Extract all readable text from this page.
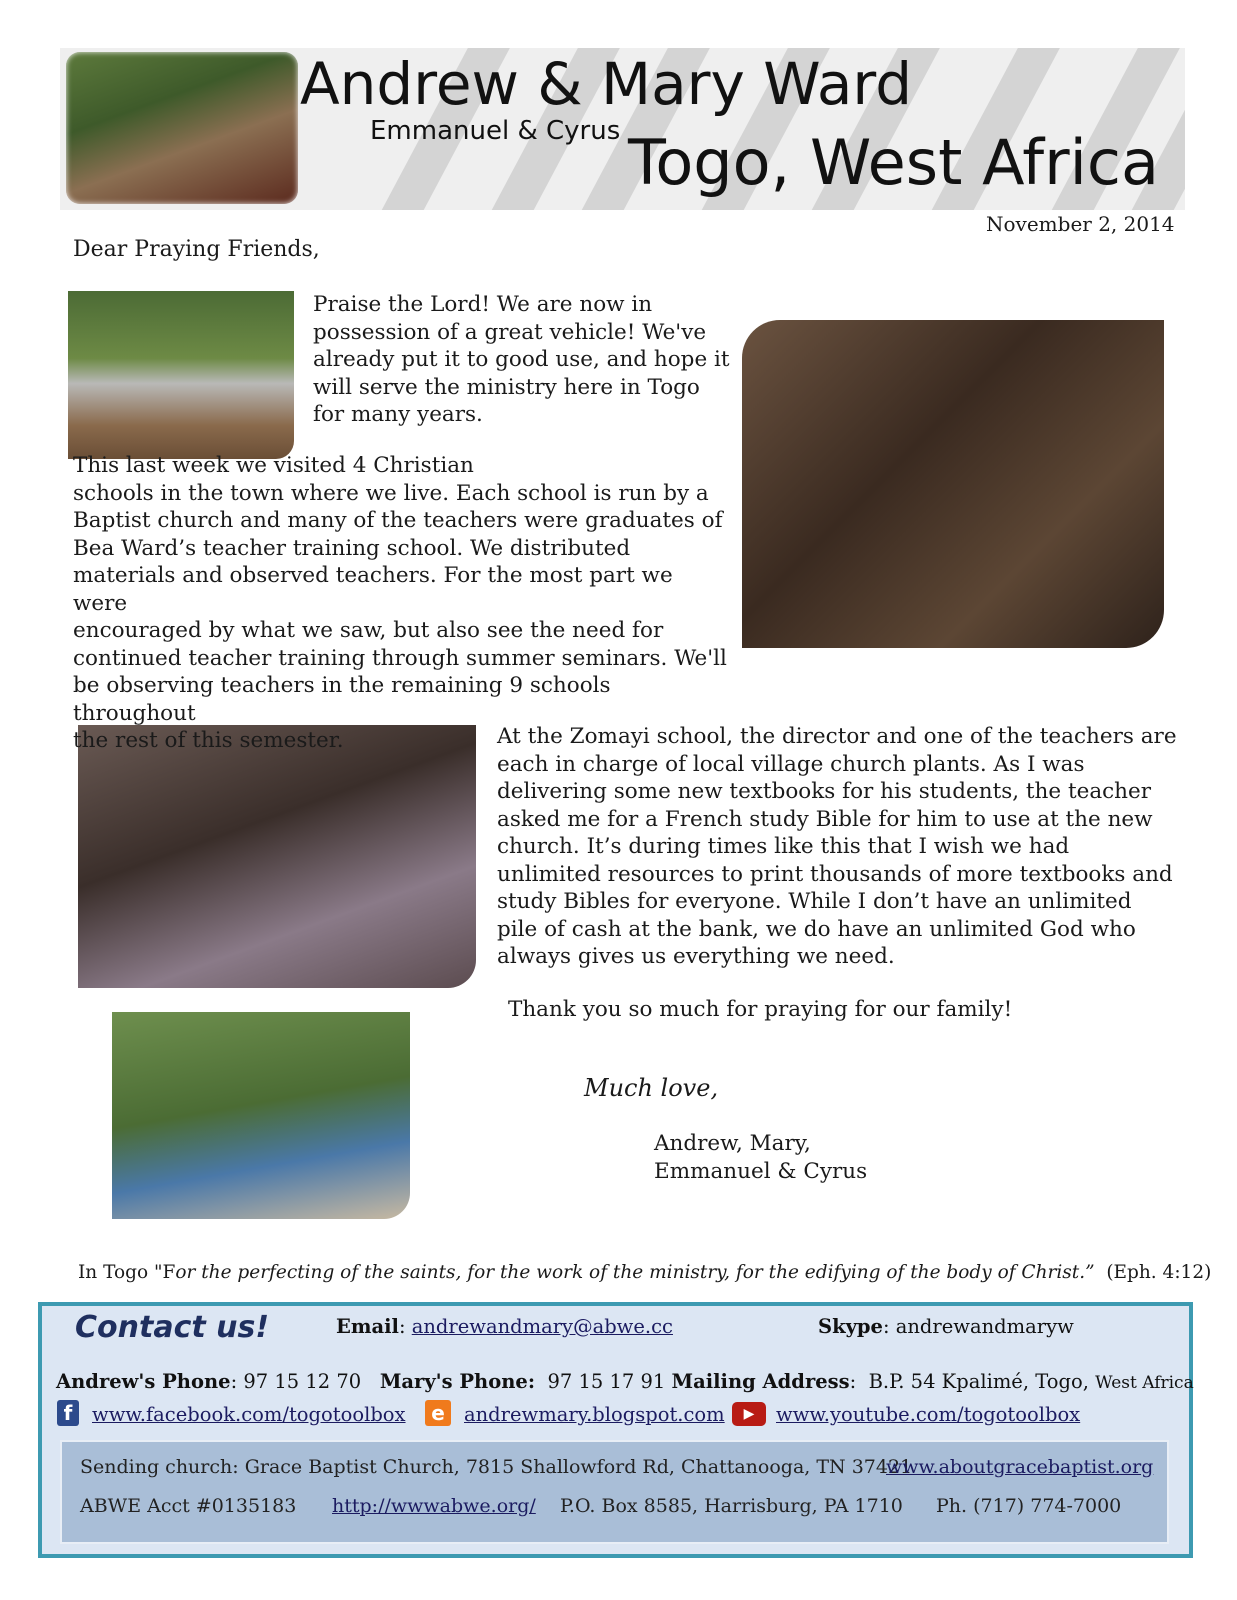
Andrew & Mary Ward
Emmanuel & Cyrus Togo, West Africa
November 2, 2014
Dear Praying Friends,
Praise the Lord! We are now in
possession of a great vehicle! We've
already put it to good use, and hope it
will serve the ministry here in Togo
for many years.
This last week we visited 4 Christian
schools in the town where we live. Each school is run by a
Baptist church and many of the teachers were graduates of
Bea Ward’s teacher training school. We distributed
materials and observed teachers. For the most part we were
encouraged by what we saw, but also see the need for
continued teacher training through summer seminars. We'll
be observing teachers in the remaining 9 schools throughout
the rest of this semester.	At the Zomayi school, the director and one of the teachers are
each in charge of local village church plants. As I was
delivering some new textbooks for his students, the teacher
asked me for a French study Bible for him to use at the new
church. It’s during times like this that I wish we had
unlimited resources to print thousands of more textbooks and
study Bibles for everyone. While I don’t have an unlimited
pile of cash at the bank, we do have an unlimited God who
always gives us everything we need.
Thank you so much for praying for our family!
Much love,
Andrew, Mary,
Emmanuel & Cyrus
In Togo "For the perfecting of the saints, for the work of the ministry, for the edifying of the body of Christ.” (Eph. 4:12)
Contact us!	Email: andrewandmary@abwe.cc	Skype: andrewandmaryw
Andrew's Phone: 97 15 12 70 Mary's Phone: 97 15 17 91 Mailing Address:  B.P. 54 Kpalimé, Togo, West Africa
f	www.facebook.com/togotoolbox	e andrewmary.blogspot.com	▶	www.youtube.com/togotoolbox
Sending church: Grace Baptist Church, 7815 Shallowford Rd, Chattanooga, TN 37421
www.aboutgracebaptist.org
ABWE Acct #0135183 http://wwwabwe.org/ P.O. Box 8585, Harrisburg, PA 1710 Ph. (717) 774-7000
